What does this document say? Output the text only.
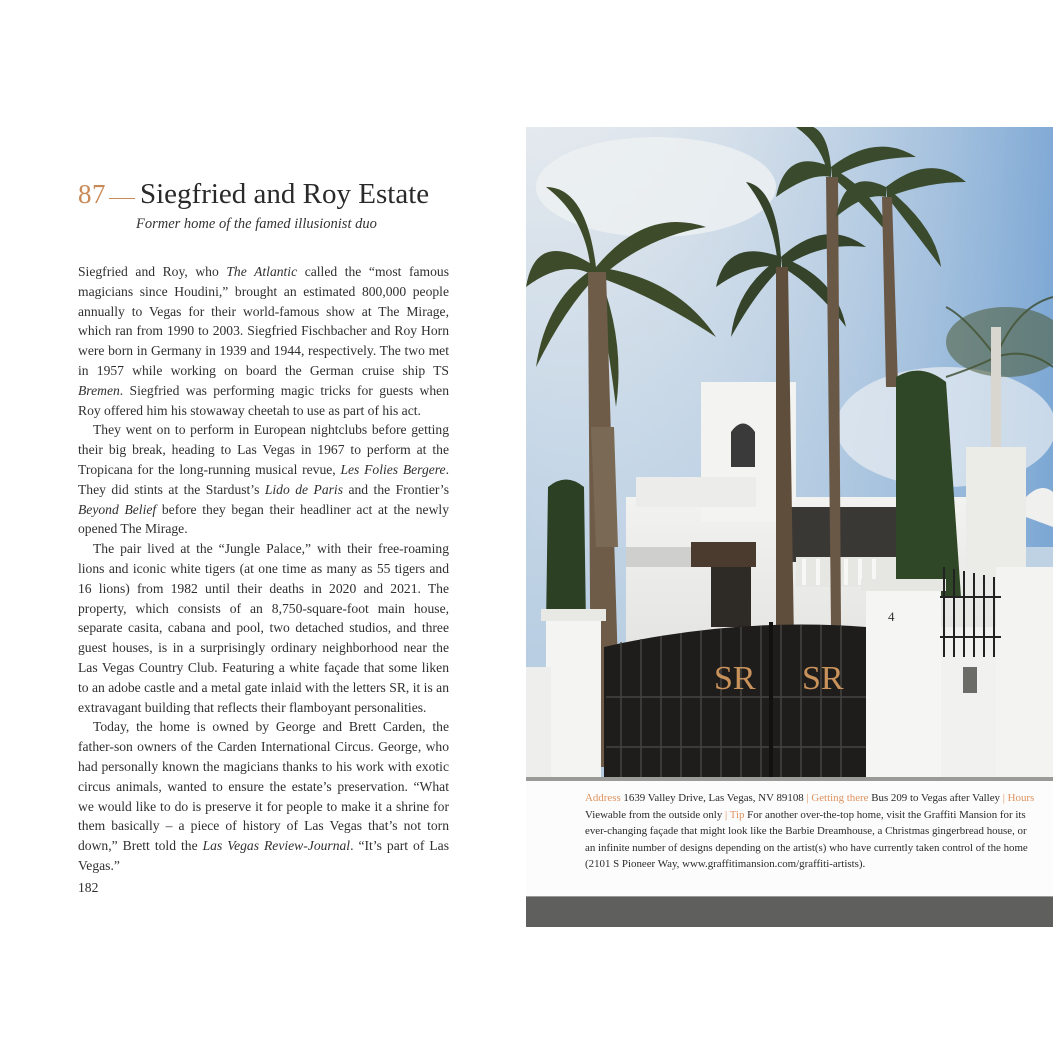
87 Siegfried and Roy Estate
Former home of the famed illusionist duo

Siegfried and Roy, who The Atlantic called the “most famous magicians since Houdini,” brought an estimated 800,000 people annually to Vegas for their world-famous show at The Mirage, which ran from 1990 to 2003. Siegfried Fischbacher and Roy Horn were born in Germany in 1939 and 1944, respectively. The two met in 1957 while working on board the German cruise ship TS Bremen. Siegfried was performing magic tricks for guests when Roy offered him his stowaway cheetah to use as part of his act.

They went on to perform in European nightclubs before getting their big break, heading to Las Vegas in 1967 to perform at the Tropicana for the long-running musical revue, Les Folies Bergere. They did stints at the Stardust’s Lido de Paris and the Frontier’s Beyond Belief before they began their headliner act at the newly opened The Mirage.

The pair lived at the “Jungle Palace,” with their free-roaming lions and iconic white tigers (at one time as many as 55 tigers and 16 lions) from 1982 until their deaths in 2020 and 2021. The property, which consists of an 8,750-square-foot main house, separate casita, cabana and pool, two detached studios, and three guest houses, is in a surprisingly ordinary neighborhood near the Las Vegas Country Club. Featuring a white façade that some liken to an adobe castle and a metal gate inlaid with the letters SR, it is an extravagant building that reflects their flamboyant personalities.

Today, the home is owned by George and Brett Carden, the father-son owners of the Carden International Circus. George, who had personally known the magicians thanks to his work with exotic circus animals, wanted to ensure the estate’s preservation. “What we would like to do is preserve it for people to make it a shrine for them basically – a piece of history of Las Vegas that’s not torn down,” Brett told the Las Vegas Review-Journal. “It’s part of Las Vegas.”

182
4
SR SR
Address 1639 Valley Drive, Las Vegas, NV 89108 | Getting there Bus 209 to Vegas after Valley | Hours Viewable from the outside only | Tip For another over-the-top home, visit the Graffiti Mansion for its ever-changing façade that might look like the Barbie Dreamhouse, a Christmas gingerbread house, or an infinite number of designs depending on the artist(s) who have currently taken control of the home (2101 S Pioneer Way, www.graffitimansion.com/graffiti-artists).
